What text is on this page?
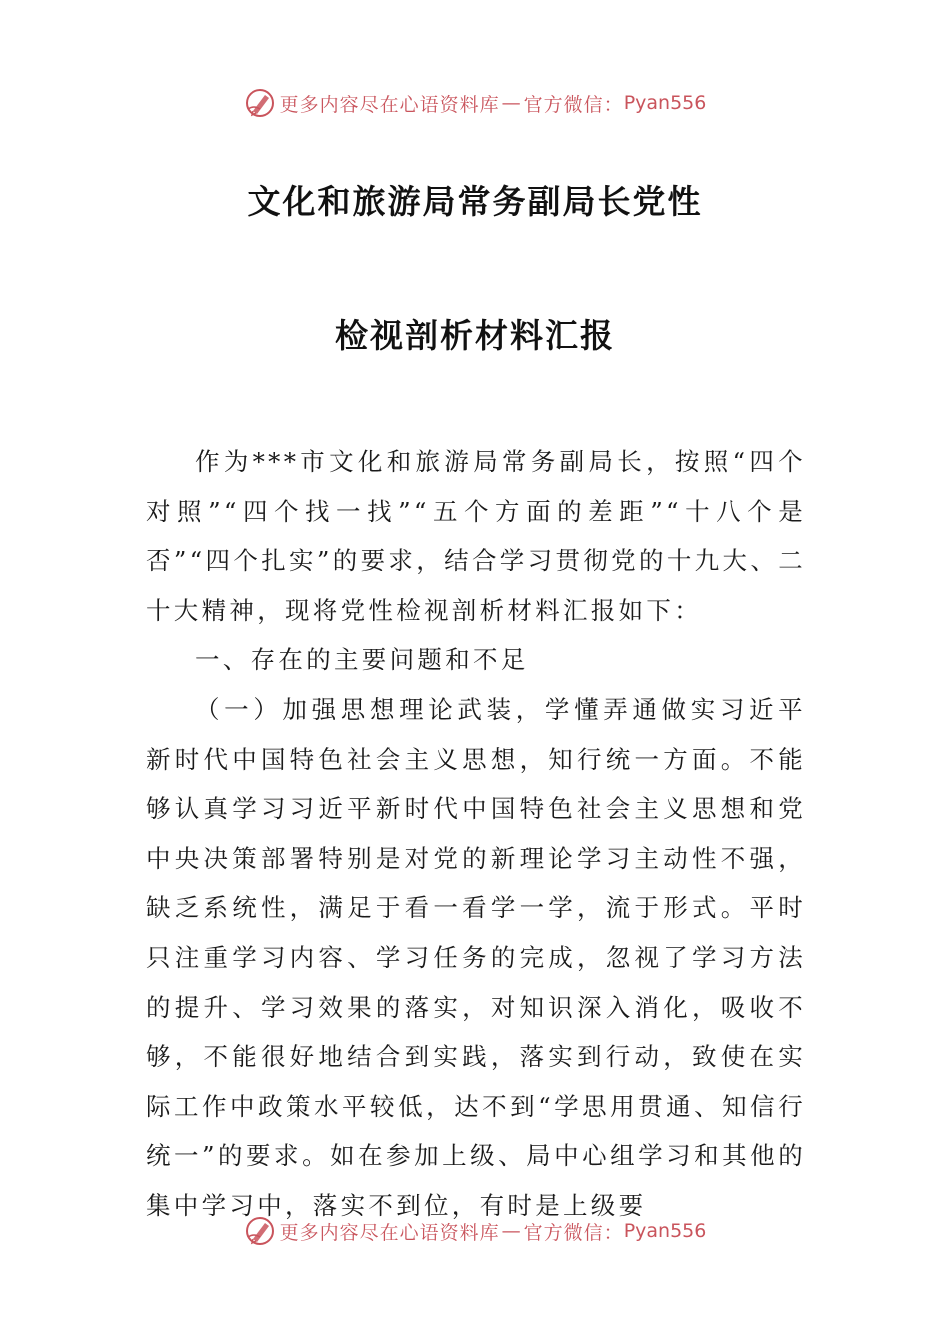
更多内容尽在心语资料库 — 官方微信： Pyan556
文化和旅游局常务副局长党性
检视剖析材料汇报

作为***市文化和旅游局常务副局长，按照“四个对照”“四个找一找”“五个方面的差距”“十八个是否”“四个扎实”的要求，结合学习贯彻党的十九大、二十大精神，现将党性检视剖析材料汇报如下：

一、存在的主要问题和不足

（一）加强思想理论武装，学懂弄通做实习近平新时代中国特色社会主义思想，知行统一方面。不能够认真学习习近平新时代中国特色社会主义思想和党中央决策部署特别是对党的新理论学习主动性不强，缺乏系统性，满足于看一看学一学，流于形式。平时只注重学习内容、学习任务的完成，忽视了学习方法的提升、学习效果的落实，对知识深入消化，吸收不够，不能很好地结合到实践，落实到行动，致使在实际工作中政策水平较低，达不到“学思用贯通、知信行统一”的要求。如在参加上级、局中心组学习和其他的集中学习中，落实不到位，有时是上级要

更多内容尽在心语资料库 — 官方微信： Pyan556
